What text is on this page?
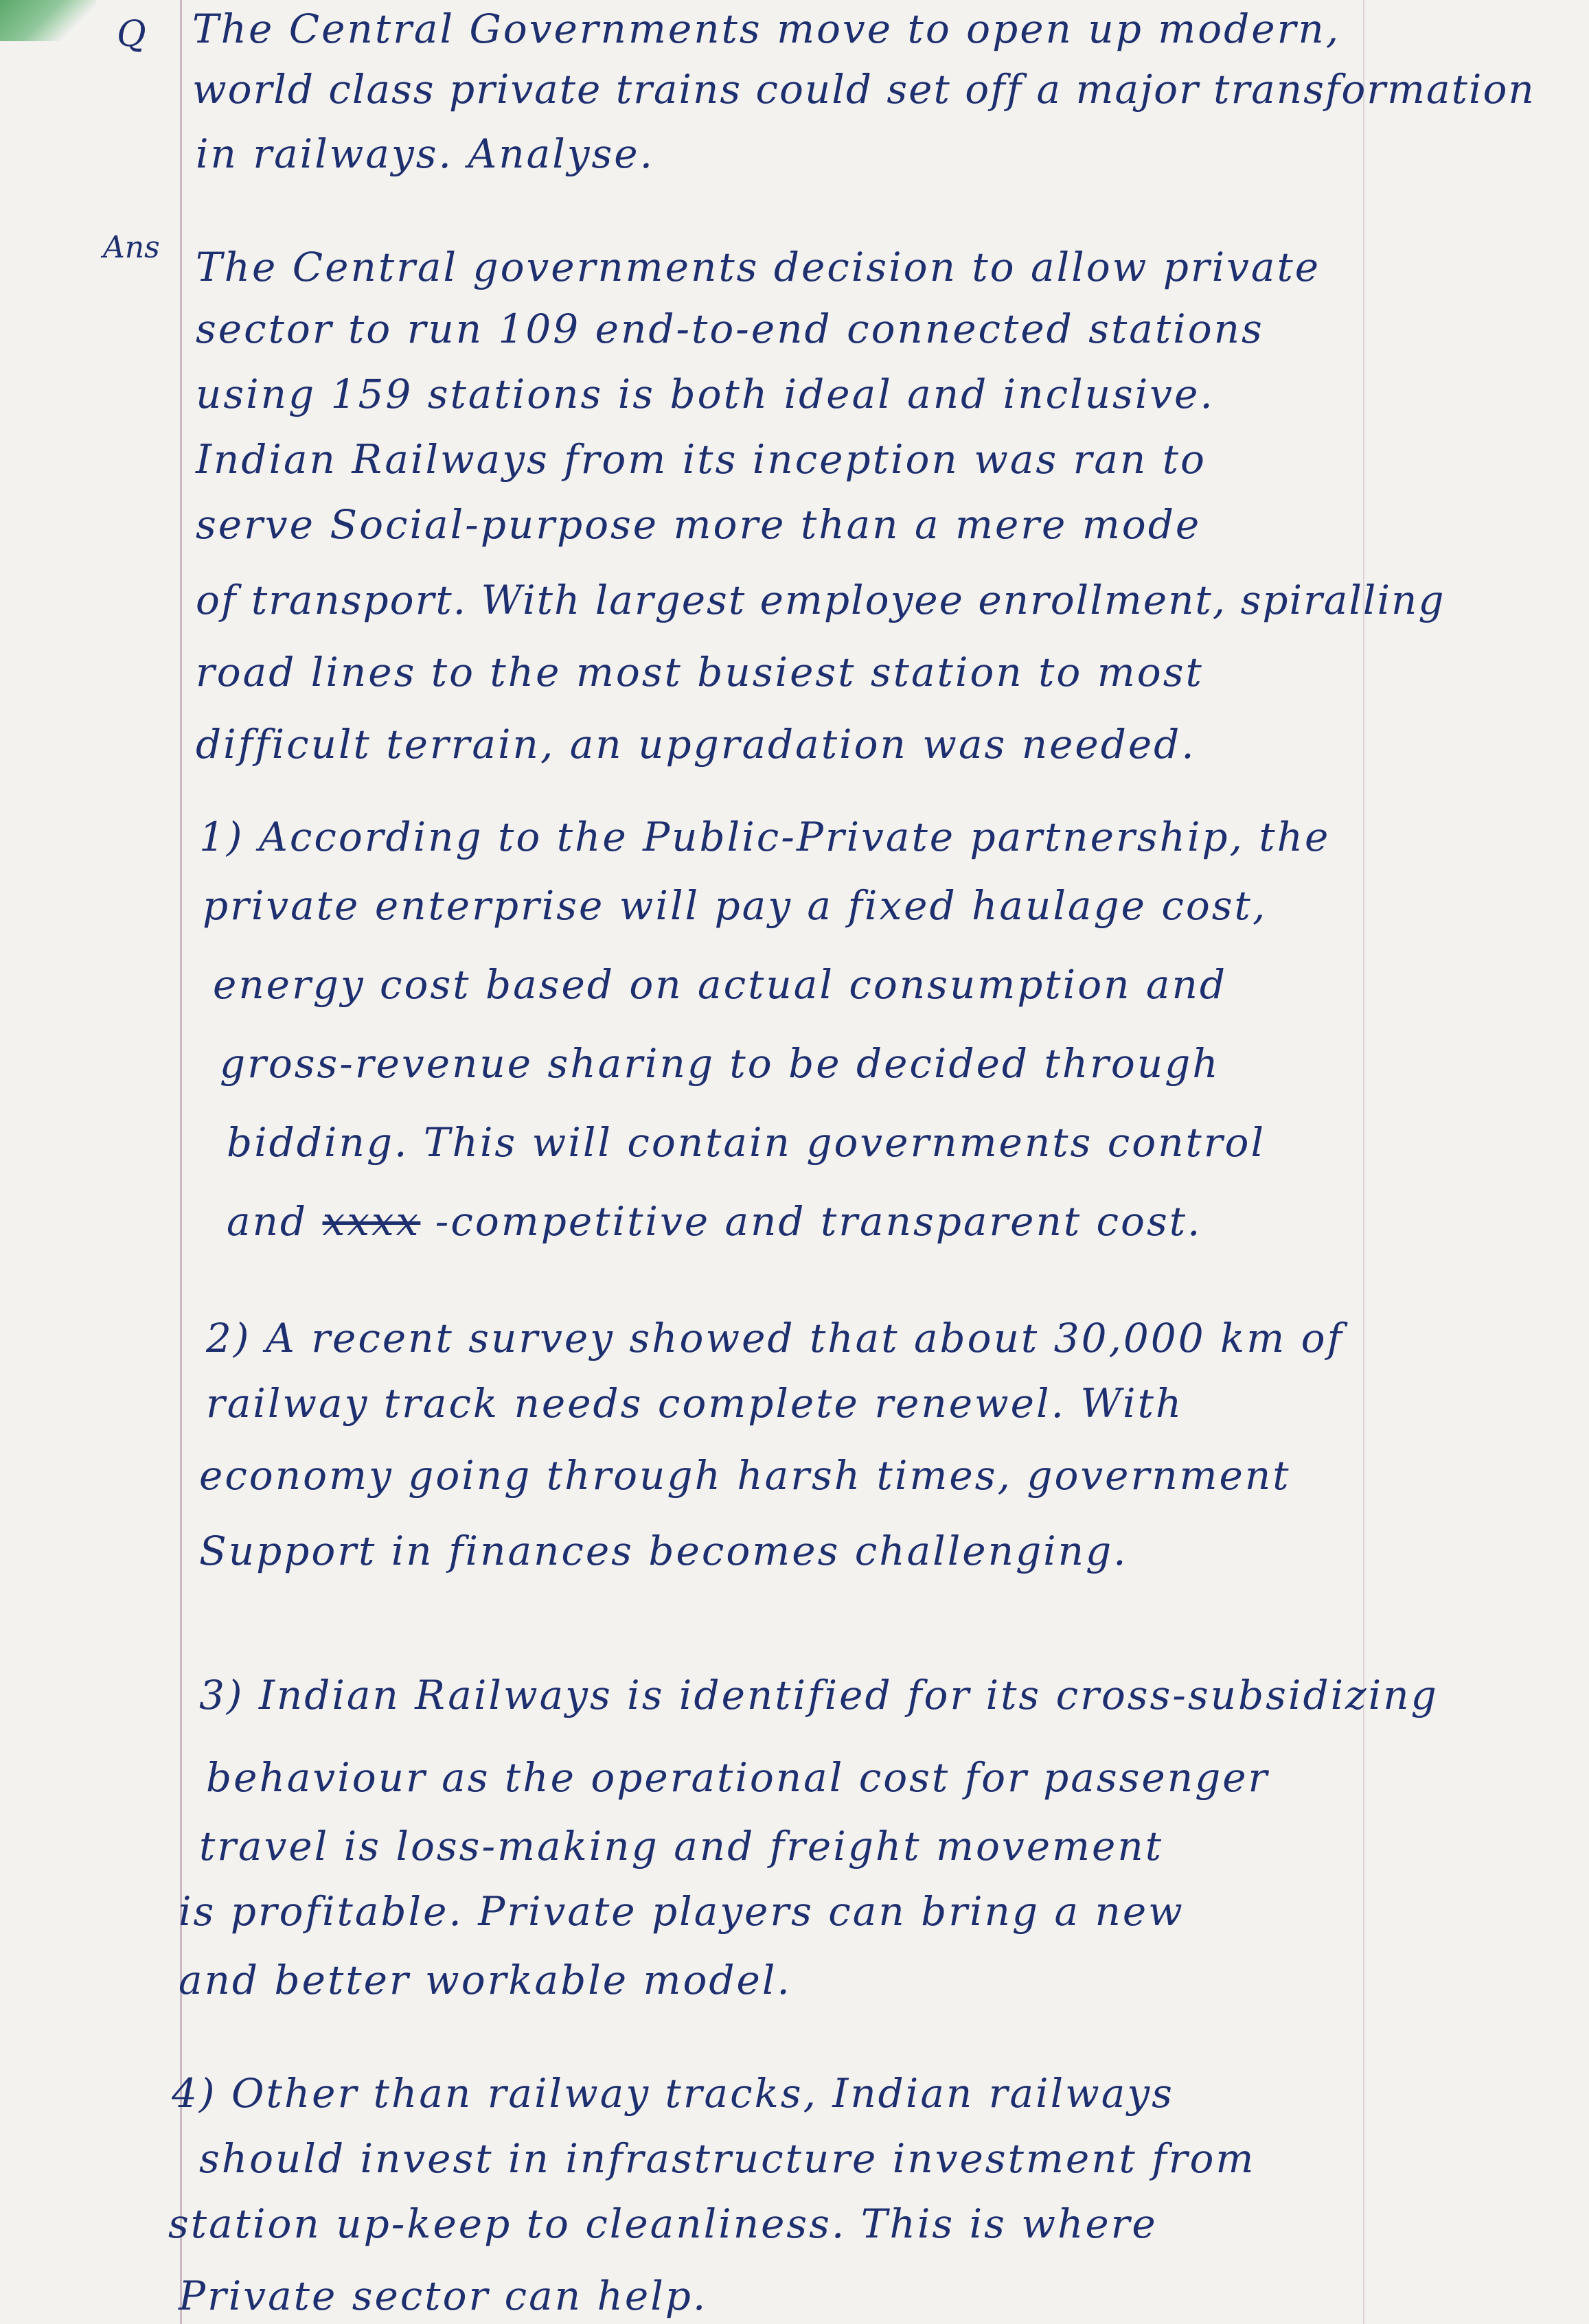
Q The Central Governments move to open up modern,
world class private trains could set off a major transformation
in railways. Analyse.
Ans The Central governments decision to allow private
sector to run 109 end-to-end connected stations
using 159 stations is both ideal and inclusive.
Indian Railways from its inception was ran to
serve Social-purpose more than a mere mode
of transport. With largest employee enrollment, spiralling
road lines to the most busiest station to most
difficult terrain, an upgradation was needed.
1) According to the Public-Private partnership, the
private enterprise will pay a fixed haulage cost,
energy cost based on actual consumption and
gross-revenue sharing to be decided through
bidding. This will contain governments control
and xxxx -competitive and transparent cost.
2) A recent survey showed that about 30,000 km of
railway track needs complete renewel. With
economy going through harsh times, government
Support in finances becomes challenging.
3) Indian Railways is identified for its cross-subsidizing
behaviour as the operational cost for passenger
travel is loss-making and freight movement
is profitable. Private players can bring a new
and better workable model.
4) Other than railway tracks, Indian railways
should invest in infrastructure investment from
station up-keep to cleanliness. This is where
Private sector can help.
